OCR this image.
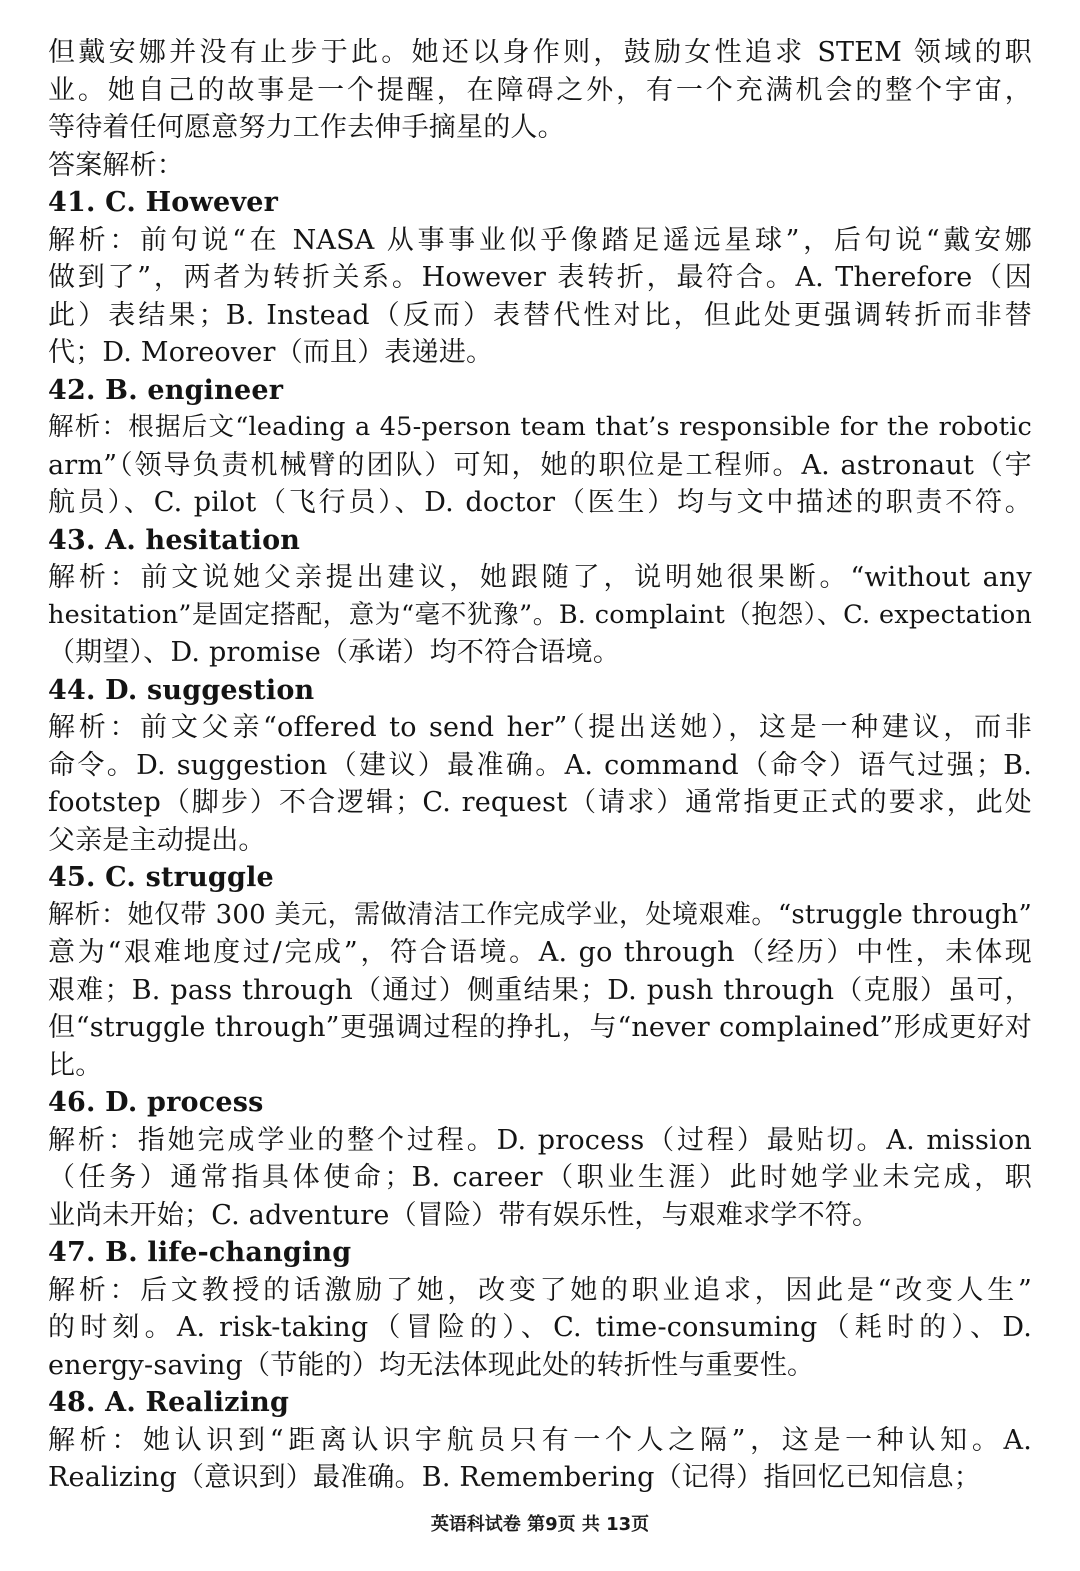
但戴安娜并没有止步于此。她还以身作则，鼓励女性追求 STEM 领域的职
业。她自己的故事是一个提醒，在障碍之外，有一个充满机会的整个宇宙，
等待着任何愿意努力工作去伸手摘星的人。
答案解析：
41. C. However
解析：前句说“在 NASA 从事事业似乎像踏足遥远星球”，后句说“戴安娜
做到了”，两者为转折关系。However 表转折，最符合。A. Therefore（因
此）表结果；B. Instead（反而）表替代性对比，但此处更强调转折而非替
代；D. Moreover（而且）表递进。
42. B. engineer
解析：根据后文“leading a 45-person team that’s responsible for the robotic
arm”（领导负责机械臂的团队）可知，她的职位是工程师。A. astronaut（宇
航员）、C. pilot（飞行员）、D. doctor（医生）均与文中描述的职责不符。
43. A. hesitation
解析：前文说她父亲提出建议，她跟随了，说明她很果断。“without any
hesitation”是固定搭配，意为“毫不犹豫”。B. complaint（抱怨）、C. expectation
（期望）、D. promise（承诺）均不符合语境。
44. D. suggestion
解析：前文父亲“offered to send her”（提出送她），这是一种建议，而非
命令。D. suggestion（建议）最准确。A. command（命令）语气过强；B.
footstep（脚步）不合逻辑；C. request（请求）通常指更正式的要求，此处
父亲是主动提出。
45. C. struggle
解析：她仅带 300 美元，需做清洁工作完成学业，处境艰难。“struggle through”
意为“艰难地度过/完成”，符合语境。A. go through（经历）中性，未体现
艰难；B. pass through（通过）侧重结果；D. push through（克服）虽可，
但“struggle through”更强调过程的挣扎，与“never complained”形成更好对
比。
46. D. process
解析：指她完成学业的整个过程。D. process（过程）最贴切。A. mission
（任务）通常指具体使命；B. career（职业生涯）此时她学业未完成，职
业尚未开始；C. adventure（冒险）带有娱乐性，与艰难求学不符。
47. B. life-changing
解析：后文教授的话激励了她，改变了她的职业追求，因此是“改变人生”
的时刻。A. risk-taking（冒险的）、C. time-consuming（耗时的）、D.
energy-saving（节能的）均无法体现此处的转折性与重要性。
48. A. Realizing
解析：她认识到“距离认识宇航员只有一个人之隔”，这是一种认知。A.
Realizing（意识到）最准确。B. Remembering（记得）指回忆已知信息；
英语科试卷 第9页 共 13页
